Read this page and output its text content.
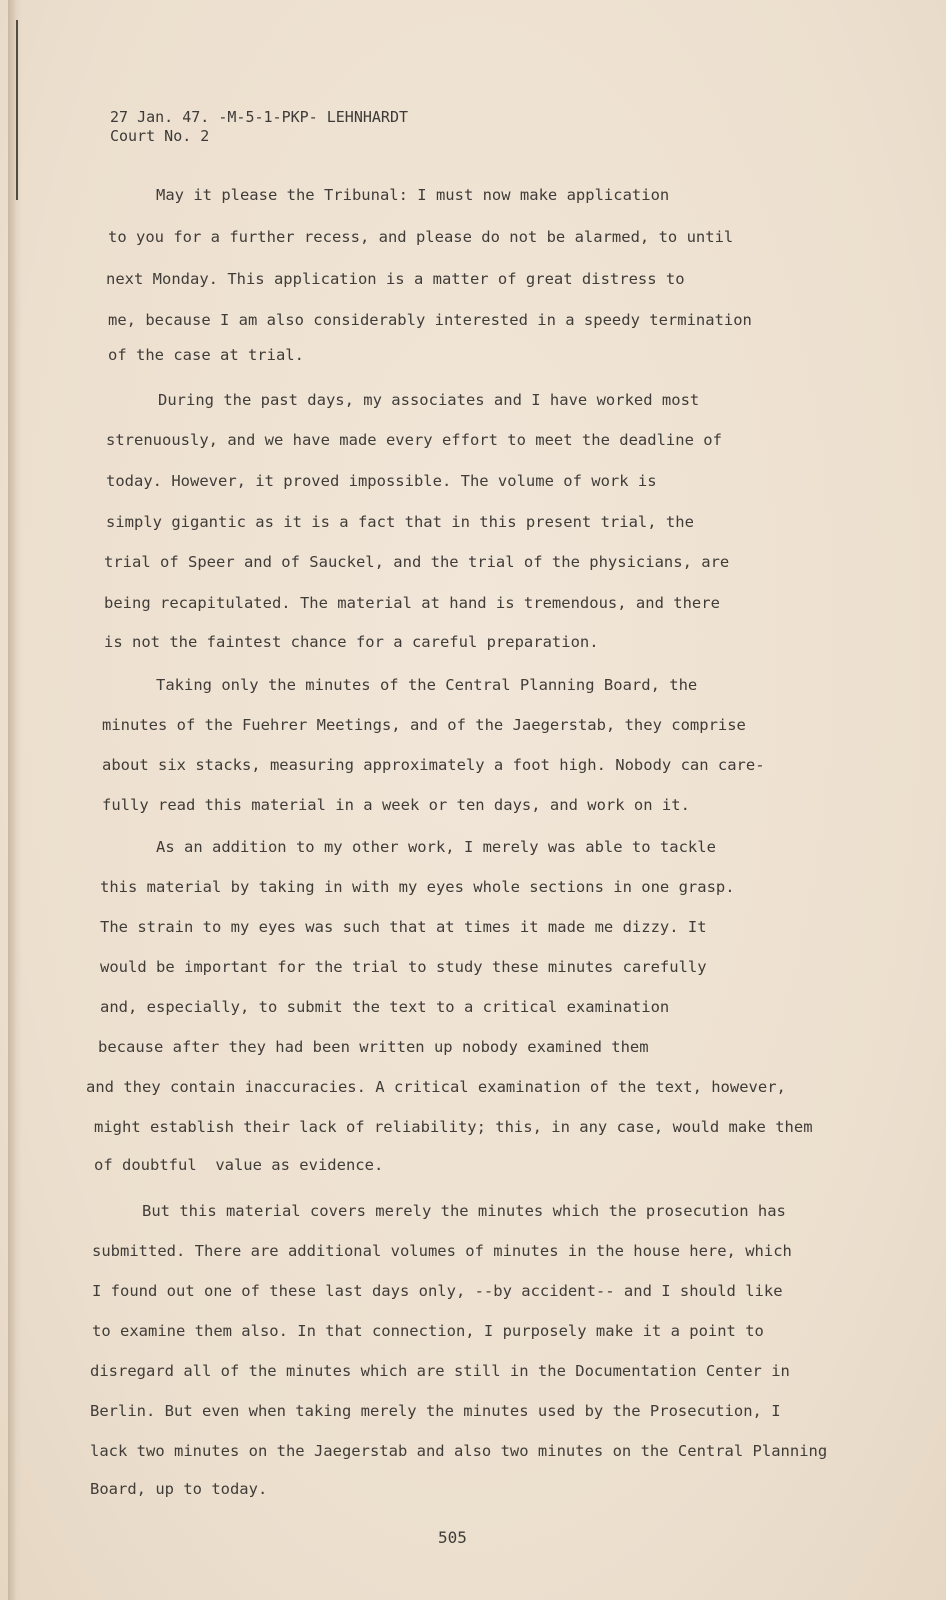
27 Jan. 47. -M-5-1-PKP- LEHNHARDT
Court No. 2
May it please the Tribunal: I must now make application
to you for a further recess, and please do not be alarmed, to until
next Monday. This application is a matter of great distress to
me, because I am also considerably interested in a speedy termination
of the case at trial.
During the past days, my associates and I have worked most
strenuously, and we have made every effort to meet the deadline of
today. However, it proved impossible. The volume of work is
simply gigantic as it is a fact that in this present trial, the
trial of Speer and of Sauckel, and the trial of the physicians, are
being recapitulated. The material at hand is tremendous, and there
is not the faintest chance for a careful preparation.
Taking only the minutes of the Central Planning Board, the
minutes of the Fuehrer Meetings, and of the Jaegerstab, they comprise
about six stacks, measuring approximately a foot high. Nobody can care-
fully read this material in a week or ten days, and work on it.
As an addition to my other work, I merely was able to tackle
this material by taking in with my eyes whole sections in one grasp.
The strain to my eyes was such that at times it made me dizzy. It
would be important for the trial to study these minutes carefully
and, especially, to submit the text to a critical examination
because after they had been written up nobody examined them
and they contain inaccuracies. A critical examination of the text, however,
might establish their lack of reliability; this, in any case, would make them
of doubtful  value as evidence.
But this material covers merely the minutes which the prosecution has
submitted. There are additional volumes of minutes in the house here, which
I found out one of these last days only, --by accident-- and I should like
to examine them also. In that connection, I purposely make it a point to
disregard all of the minutes which are still in the Documentation Center in
Berlin. But even when taking merely the minutes used by the Prosecution, I
lack two minutes on the Jaegerstab and also two minutes on the Central Planning
Board, up to today.
505
